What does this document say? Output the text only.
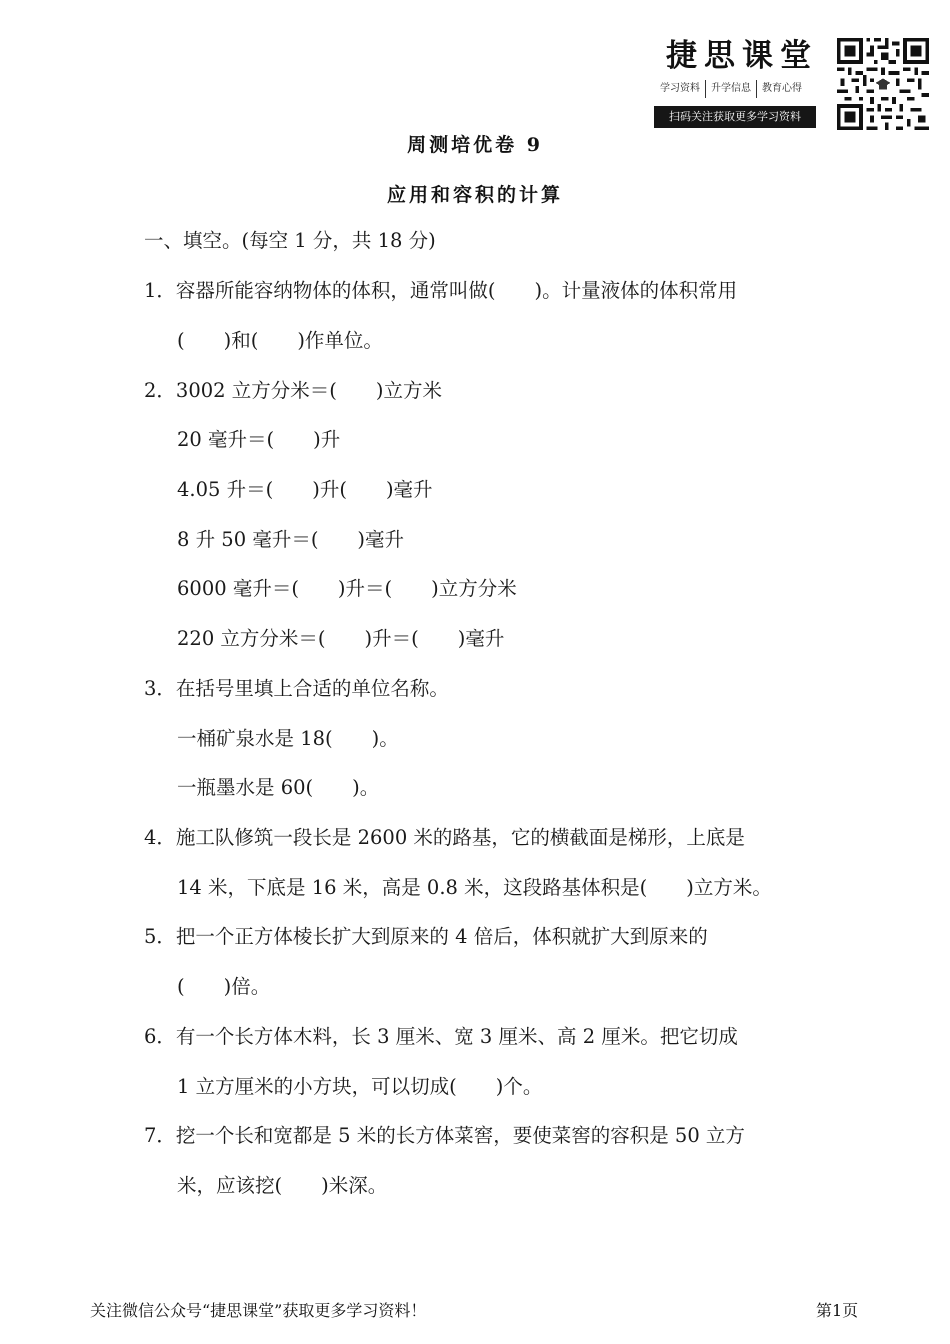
捷思课堂
学习资料	升学信息	教育心得
扫码关注获取更多学习资料
周测培优卷 9
应用和容积的计算
一、填空。(每空 1 分，共 18 分)
1．容器所能容纳物体的体积，通常叫做(　　)。计量液体的体积常用
(　　)和(　　)作单位。
2．3002 立方分米＝(　　)立方米
20 毫升＝(　　)升
4.05 升＝(　　)升(　　)毫升
8 升 50 毫升＝(　　)毫升
6000 毫升＝(　　)升＝(　　)立方分米
220 立方分米＝(　　)升＝(　　)毫升
3．在括号里填上合适的单位名称。
一桶矿泉水是 18(　　)。
一瓶墨水是 60(　　)。
4．施工队修筑一段长是 2600 米的路基，它的横截面是梯形，上底是
14 米，下底是 16 米，高是 0.8 米，这段路基体积是(　　)立方米。
5．把一个正方体棱长扩大到原来的 4 倍后，体积就扩大到原来的
(　　)倍。
6．有一个长方体木料，长 3 厘米、宽 3 厘米、高 2 厘米。把它切成
1 立方厘米的小方块，可以切成(　　)个。
7．挖一个长和宽都是 5 米的长方体菜窖，要使菜窖的容积是 50 立方
米，应该挖(　　)米深。
关注微信公众号“捷思课堂”获取更多学习资料！	第1页
